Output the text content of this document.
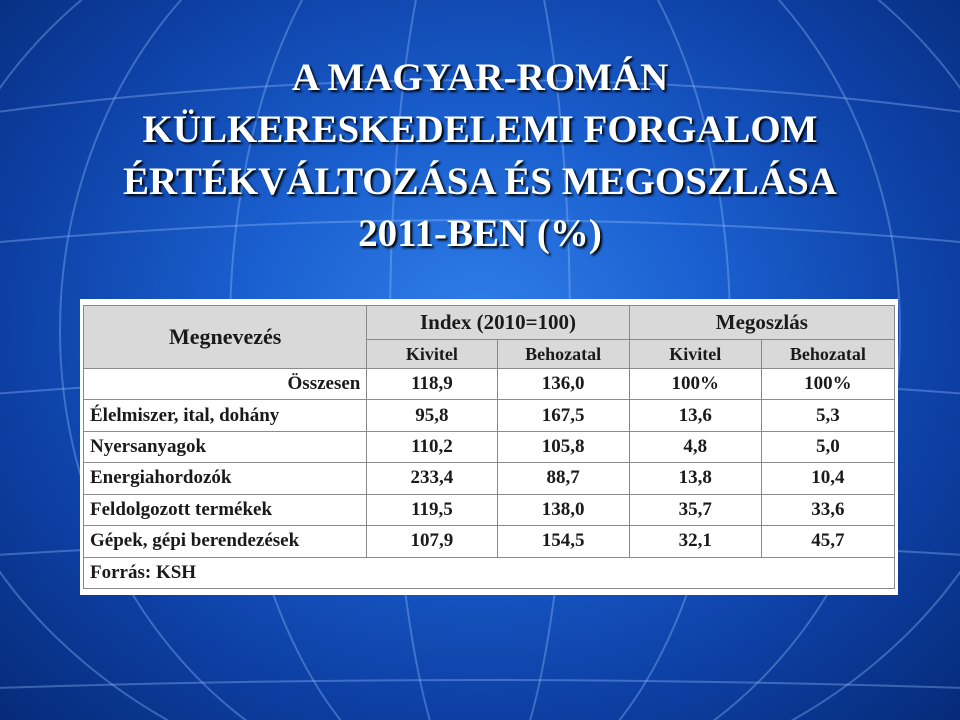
A MAGYAR-ROMÁN
KÜLKERESKEDELEMI FORGALOM
ÉRTÉKVÁLTOZÁSA ÉS MEGOSZLÁSA
2011-BEN (%)
Megnevezés	Index (2010=100)		Megoszlás	
	Kivitel	Behozatal	Kivitel	Behozatal
Összesen	118,9	136,0	100%	100%
Élelmiszer, ital, dohány	95,8	167,5	13,6	5,3
Nyersanyagok	110,2	105,8	4,8	5,0
Energiahordozók	233,4	88,7	13,8	10,4
Feldolgozott termékek	119,5	138,0	35,7	33,6
Gépek, gépi berendezések	107,9	154,5	32,1	45,7
Forrás: KSH				
